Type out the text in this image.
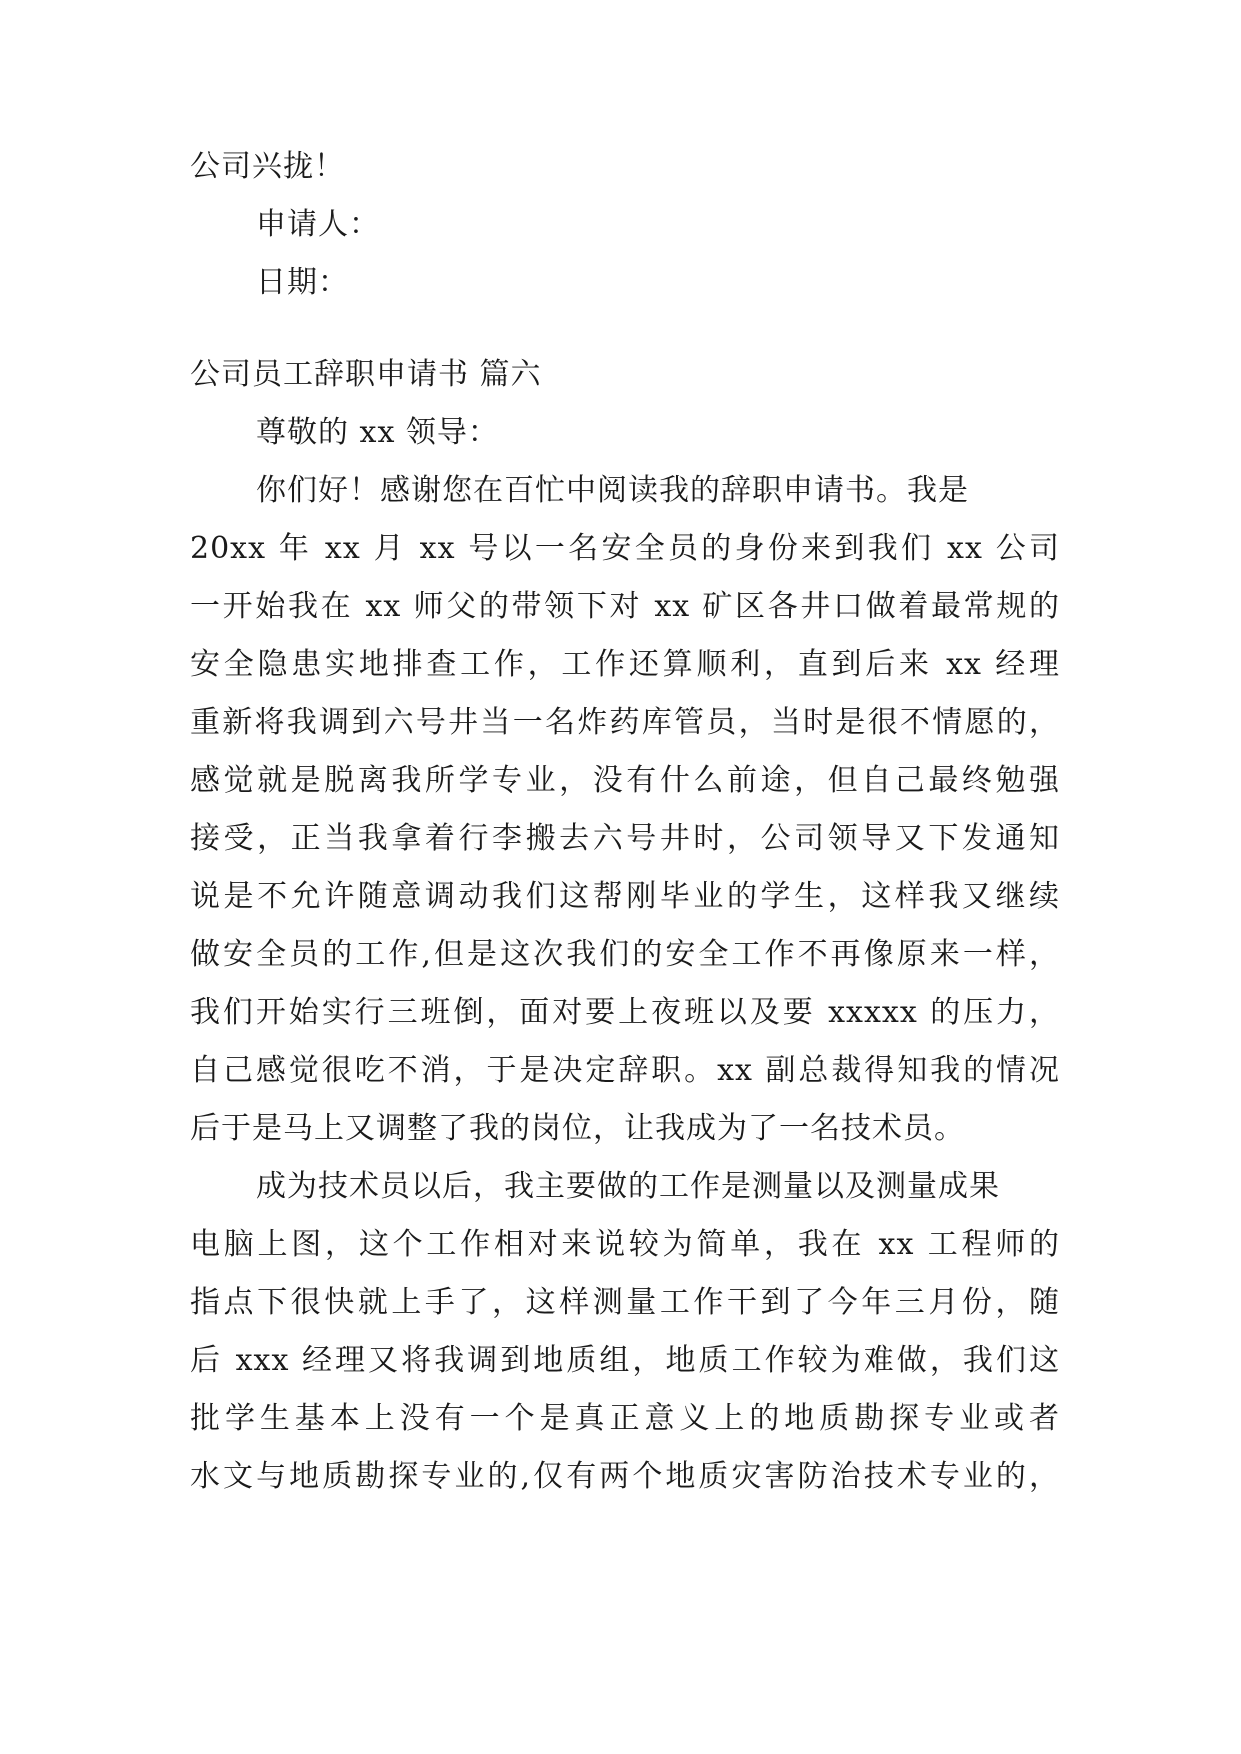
公司兴拢！
申请人：
日期：
公司员工辞职申请书 篇六
尊敬的 xx 领导：
你们好！感谢您在百忙中阅读我的辞职申请书。我是
20xx 年 xx 月 xx 号以一名安全员的身份来到我们 xx 公司
一开始我在 xx 师父的带领下对 xx 矿区各井口做着最常规的
安全隐患实地排查工作，工作还算顺利，直到后来 xx 经理
重新将我调到六号井当一名炸药库管员，当时是很不情愿的，
感觉就是脱离我所学专业，没有什么前途，但自己最终勉强
接受，正当我拿着行李搬去六号井时，公司领导又下发通知
说是不允许随意调动我们这帮刚毕业的学生，这样我又继续
做安全员的工作,但是这次我们的安全工作不再像原来一样，
我们开始实行三班倒，面对要上夜班以及要 xxxxx 的压力，
自己感觉很吃不消，于是决定辞职。xx 副总裁得知我的情况
后于是马上又调整了我的岗位，让我成为了一名技术员。
成为技术员以后，我主要做的工作是测量以及测量成果
电脑上图，这个工作相对来说较为简单，我在 xx 工程师的
指点下很快就上手了，这样测量工作干到了今年三月份，随
后 xxx 经理又将我调到地质组，地质工作较为难做，我们这
批学生基本上没有一个是真正意义上的地质勘探专业或者
水文与地质勘探专业的,仅有两个地质灾害防治技术专业的，
